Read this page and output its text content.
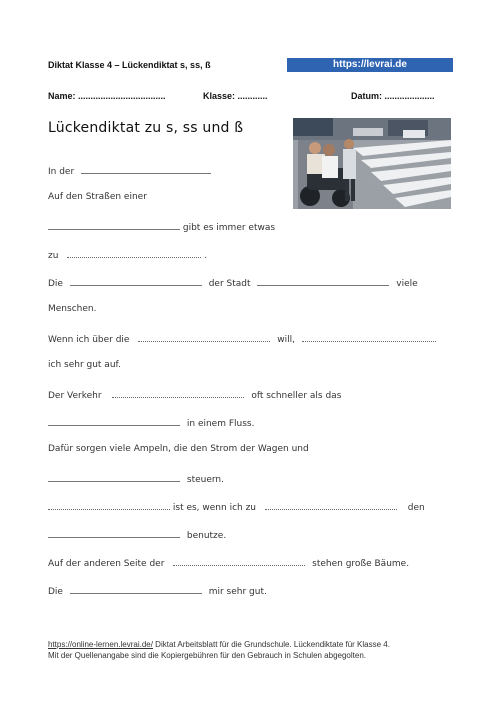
Diktat Klasse 4 – Lückendiktat s, ss, ß	https://levrai.de
Name: ...................................	Klasse: ............	Datum: ....................
Lückendiktat zu s, ss und ß
In der
Auf den Straßen einer
gibt es immer etwas
zu	.
Die	der Stadt	viele
Menschen.
Wenn ich über die	will,
ich sehr gut auf.
Der Verkehr	oft schneller als das
in einem Fluss.
Dafür sorgen viele Ampeln, die den Strom der Wagen und
steuern.
ist es, wenn ich zu	den
benutze.
Auf der anderen Seite der	stehen große Bäume.
Die	mir sehr gut.
https://online-lernen.levrai.de/ Diktat Arbeitsblatt für die Grundschule. Lückendiktate für Klasse 4.
Mit der Quellenangabe sind die Kopiergebühren für den Gebrauch in Schulen abgegolten.
